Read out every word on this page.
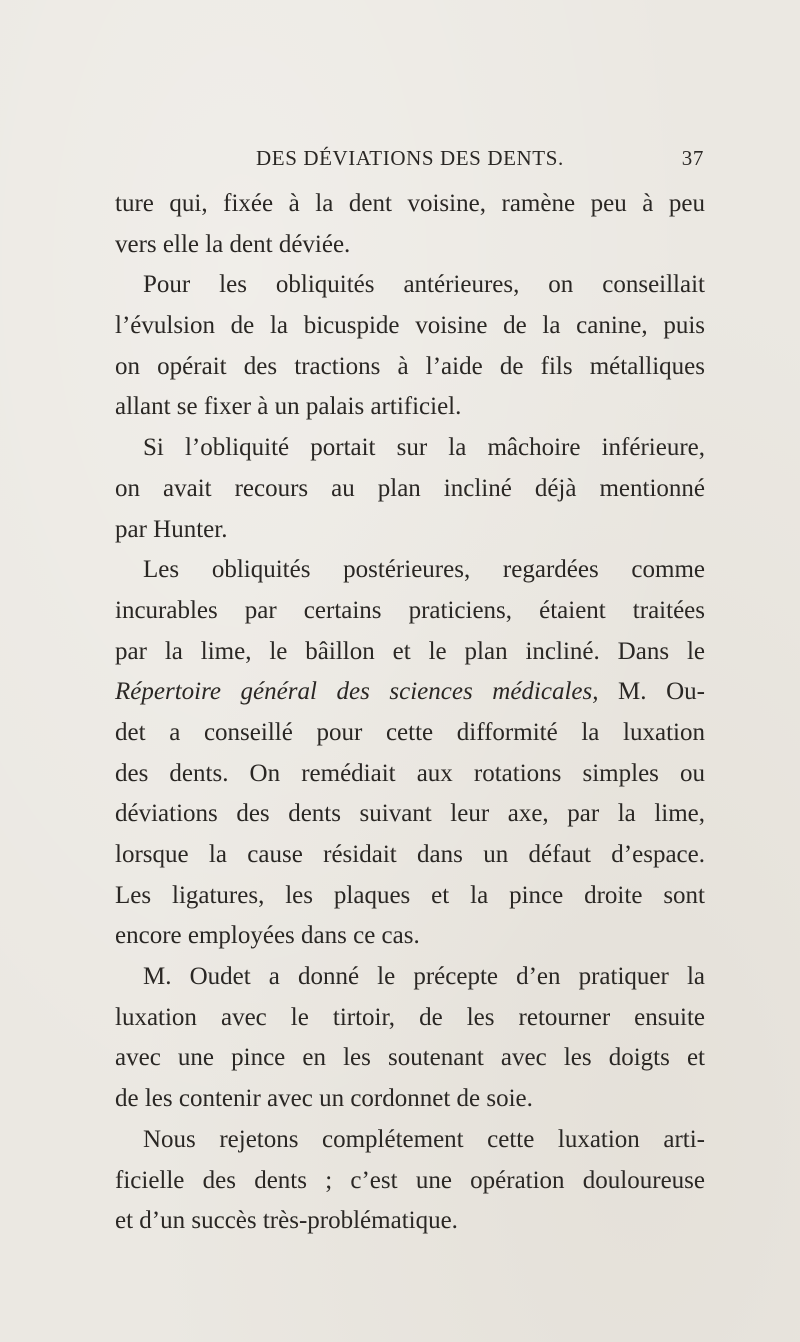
DES DÉVIATIONS DES DENTS.	37
ture qui, fixée à la dent voisine, ramène peu à peu
vers elle la dent déviée.
Pour les obliquités antérieures, on conseillait
l’évulsion de la bicuspide voisine de la canine, puis
on opérait des tractions à l’aide de fils métalliques
allant se fixer à un palais artificiel.
Si l’obliquité portait sur la mâchoire inférieure,
on avait recours au plan incliné déjà mentionné
par Hunter.
Les obliquités postérieures, regardées comme
incurables par certains praticiens, étaient traitées
par la lime, le bâillon et le plan incliné. Dans le
Répertoire général des sciences médicales, M. Ou-
det a conseillé pour cette difformité la luxation
des dents. On remédiait aux rotations simples ou
déviations des dents suivant leur axe, par la lime,
lorsque la cause résidait dans un défaut d’espace.
Les ligatures, les plaques et la pince droite sont
encore employées dans ce cas.
M. Oudet a donné le précepte d’en pratiquer la
luxation avec le tirtoir, de les retourner ensuite
avec une pince en les soutenant avec les doigts et
de les contenir avec un cordonnet de soie.
Nous rejetons complétement cette luxation arti-
ficielle des dents ; c’est une opération douloureuse
et d’un succès très-problématique.
